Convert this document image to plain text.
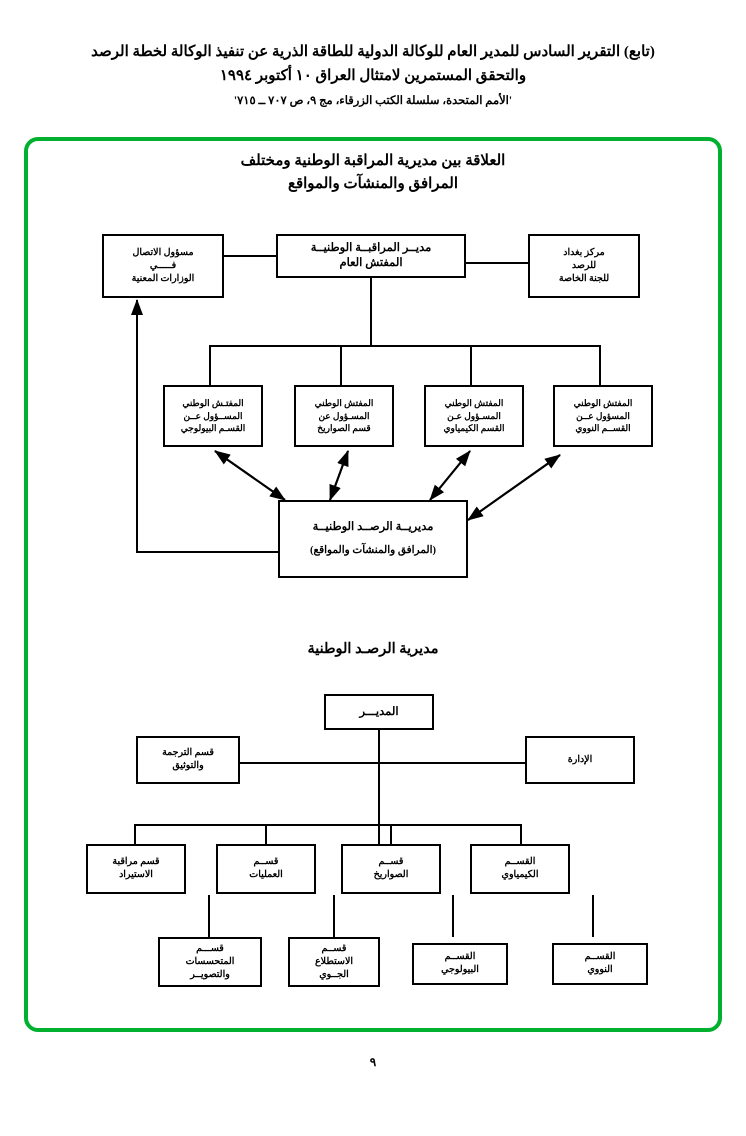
(تابع) التقرير السادس للمدير العام للوكالة الدولية للطاقة الذرية عن تنفيذ الوكالة لخطة الرصد
والتحقق المستمرين لامتثال العراق ١٠ أكتوبر ١٩٩٤
'الأمم المتحدة، سلسلة الكتب الزرقاء، مج ٩، ص ٧٠٧ ــ ٧١٥'
العلاقة بين مديرية المراقبة الوطنية ومختلف
المرافق والمنشآت والمواقع
مديــر المراقبــة الوطنيــة
المفتش العام
مسؤول الاتصال
فـــــي
الوزارات المعنية
مركز بغداد
للرصد
للجنة الخاصة
المفتـش الوطني
المســؤول عــن
القسـم البيولوجي
المفتش الوطني
المسـؤول عن
قسم الصواريخ
المفتش الوطني
المسـؤول عـن
القسم الكيمياوي
المفتش الوطني
المسؤول عــن
القســم النووي
مديريــة الرصــد الوطنيــة
(المرافق والمنشآت والمواقع)
مديرية الرصـد الوطنية
المديـــر
قسم الترجمة
والتوثيق
الإدارة
قسم مراقبة
الاستيراد
قســم
العمليات
قســم
الصواريخ
القســم
الكيمياوي
قســـم
المتحسسات
والتصويــر
قســم
الاستطلاع
الجــوي
القســم
البيولوجي
القســم
النووي
٩
